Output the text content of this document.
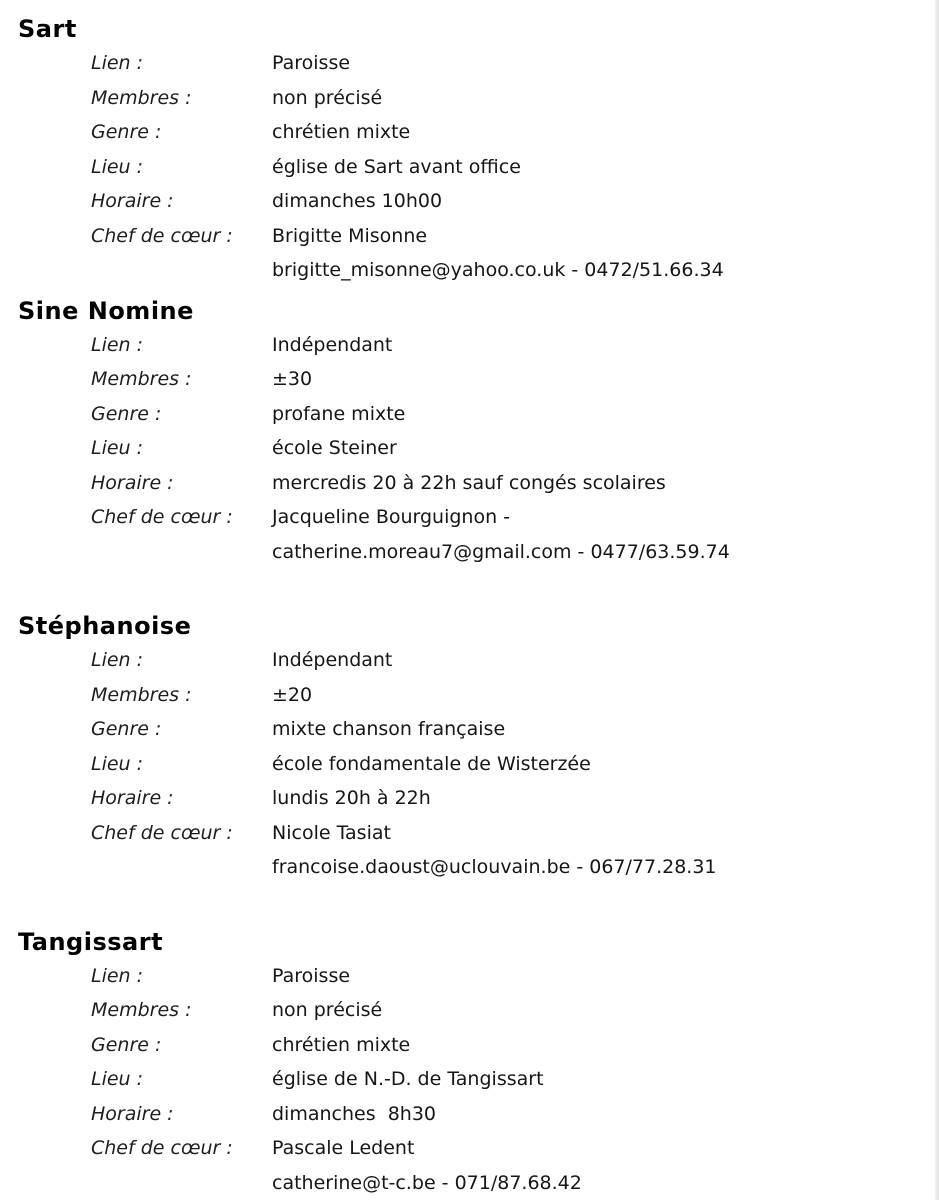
Sart
Lien :	Paroisse
Membres :	non précisé
Genre :	chrétien mixte
Lieu :	église de Sart avant office
Horaire :	dimanches 10h00
Chef de cœur :	Brigitte Misonne
brigitte_misonne@yahoo.co.uk - 0472/51.66.34
Sine Nomine
Lien :	Indépendant
Membres :	±30
Genre :	profane mixte
Lieu :	école Steiner
Horaire :	mercredis 20 à 22h sauf congés scolaires
Chef de cœur :	Jacqueline Bourguignon -
catherine.moreau7@gmail.com - 0477/63.59.74
Stéphanoise
Lien :	Indépendant
Membres :	±20
Genre :	mixte chanson française
Lieu :	école fondamentale de Wisterzée
Horaire :	lundis 20h à 22h
Chef de cœur :	Nicole Tasiat
francoise.daoust@uclouvain.be - 067/77.28.31
Tangissart
Lien :	Paroisse
Membres :	non précisé
Genre :	chrétien mixte
Lieu :	église de N.-D. de Tangissart
Horaire :	dimanches  8h30
Chef de cœur :	Pascale Ledent
catherine@t-c.be - 071/87.68.42
